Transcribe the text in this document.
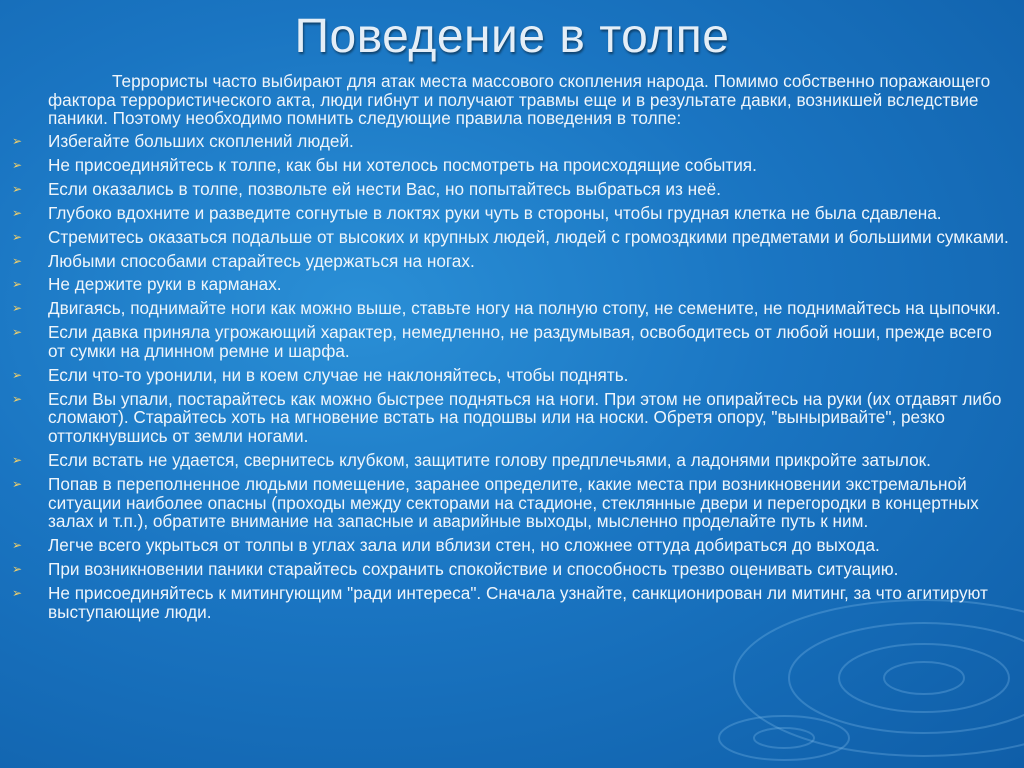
Поведение в толпе

Террористы часто выбирают для атак места массового скопления народа. Помимо собственно поражающего фактора террористического акта, люди гибнут и получают травмы еще и в результате давки, возникшей вследствие паники. Поэтому необходимо помнить следующие правила поведения в толпе:

➢ Избегайте больших скоплений людей.
➢ Не присоединяйтесь к толпе, как бы ни хотелось посмотреть на происходящие события.
➢ Если оказались в толпе, позвольте ей нести Вас, но попытайтесь выбраться из неё.
➢ Глубоко вдохните и разведите согнутые в локтях руки чуть в стороны, чтобы грудная клетка не была сдавлена.
➢ Стремитесь оказаться подальше от высоких и крупных людей, людей с громоздкими предметами и большими сумками.
➢ Любыми способами старайтесь удержаться на ногах.
➢ Не держите руки в карманах.
➢ Двигаясь, поднимайте ноги как можно выше, ставьте ногу на полную стопу, не семените, не поднимайтесь на цыпочки.
➢ Если давка приняла угрожающий характер, немедленно, не раздумывая, освободитесь от любой ноши, прежде всего от сумки на длинном ремне и шарфа.
➢ Если что-то уронили, ни в коем случае не наклоняйтесь, чтобы поднять.
➢ Если Вы упали, постарайтесь как можно быстрее подняться на ноги. При этом не опирайтесь на руки (их отдавят либо сломают). Старайтесь хоть на мгновение встать на подошвы или на носки. Обретя опору, "выныривайте", резко оттолкнувшись от земли ногами.
➢ Если встать не удается, свернитесь клубком, защитите голову предплечьями, а ладонями прикройте затылок.
➢ Попав в переполненное людьми помещение, заранее определите, какие места при возникновении экстремальной ситуации наиболее опасны (проходы между секторами на стадионе, стеклянные двери и перегородки в концертных залах и т.п.), обратите внимание на запасные и аварийные выходы, мысленно проделайте путь к ним.
➢ Легче всего укрыться от толпы в углах зала или вблизи стен, но сложнее оттуда добираться до выхода.
➢ При возникновении паники старайтесь сохранить спокойствие и способность трезво оценивать ситуацию.
➢ Не присоединяйтесь к митингующим "ради интереса". Сначала узнайте, санкционирован ли митинг, за что агитируют выступающие люди.
